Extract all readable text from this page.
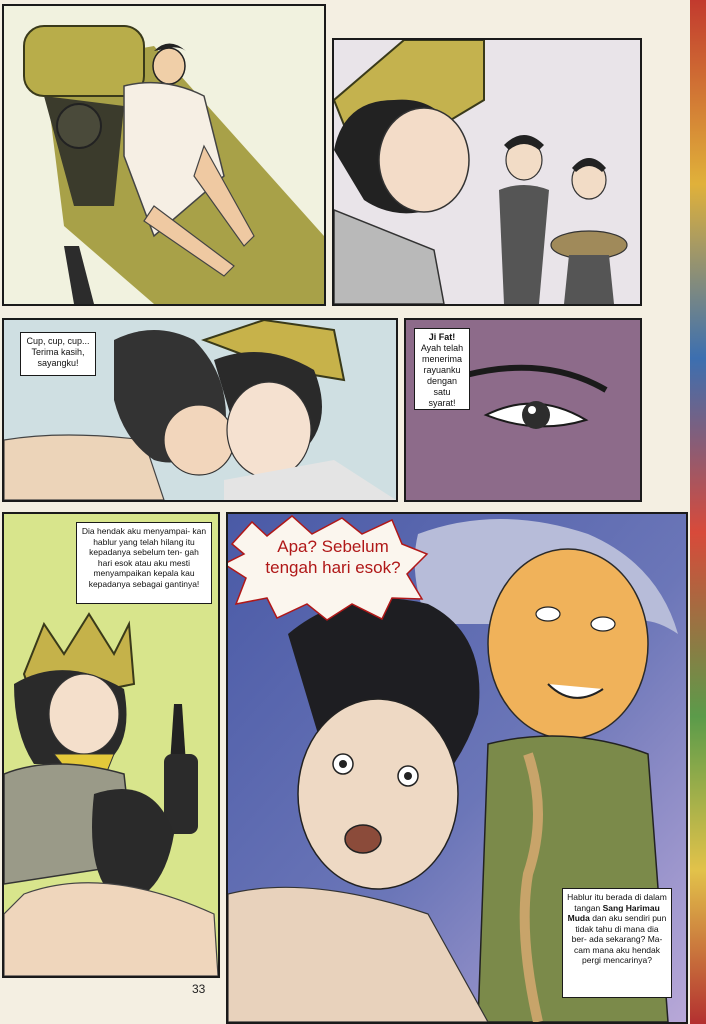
Cup, cup, cup... Terima kasih, sayangku!
Ji Fat!
Ayah telah menerima rayuanku dengan satu syarat!
Dia hendak aku menyampai- kan hablur yang telah hilang itu kepadanya sebelum ten- gah hari esok atau aku mesti menyampaikan kepala kau kepadanya sebagai gantinya!
Apa? Sebelum
tengah hari esok?
Hablur itu berada di dalam tangan Sang Harimau Muda dan aku sendiri pun tidak tahu di mana dia ber- ada sekarang? Ma- cam mana aku hendak pergi mencarinya?
33
